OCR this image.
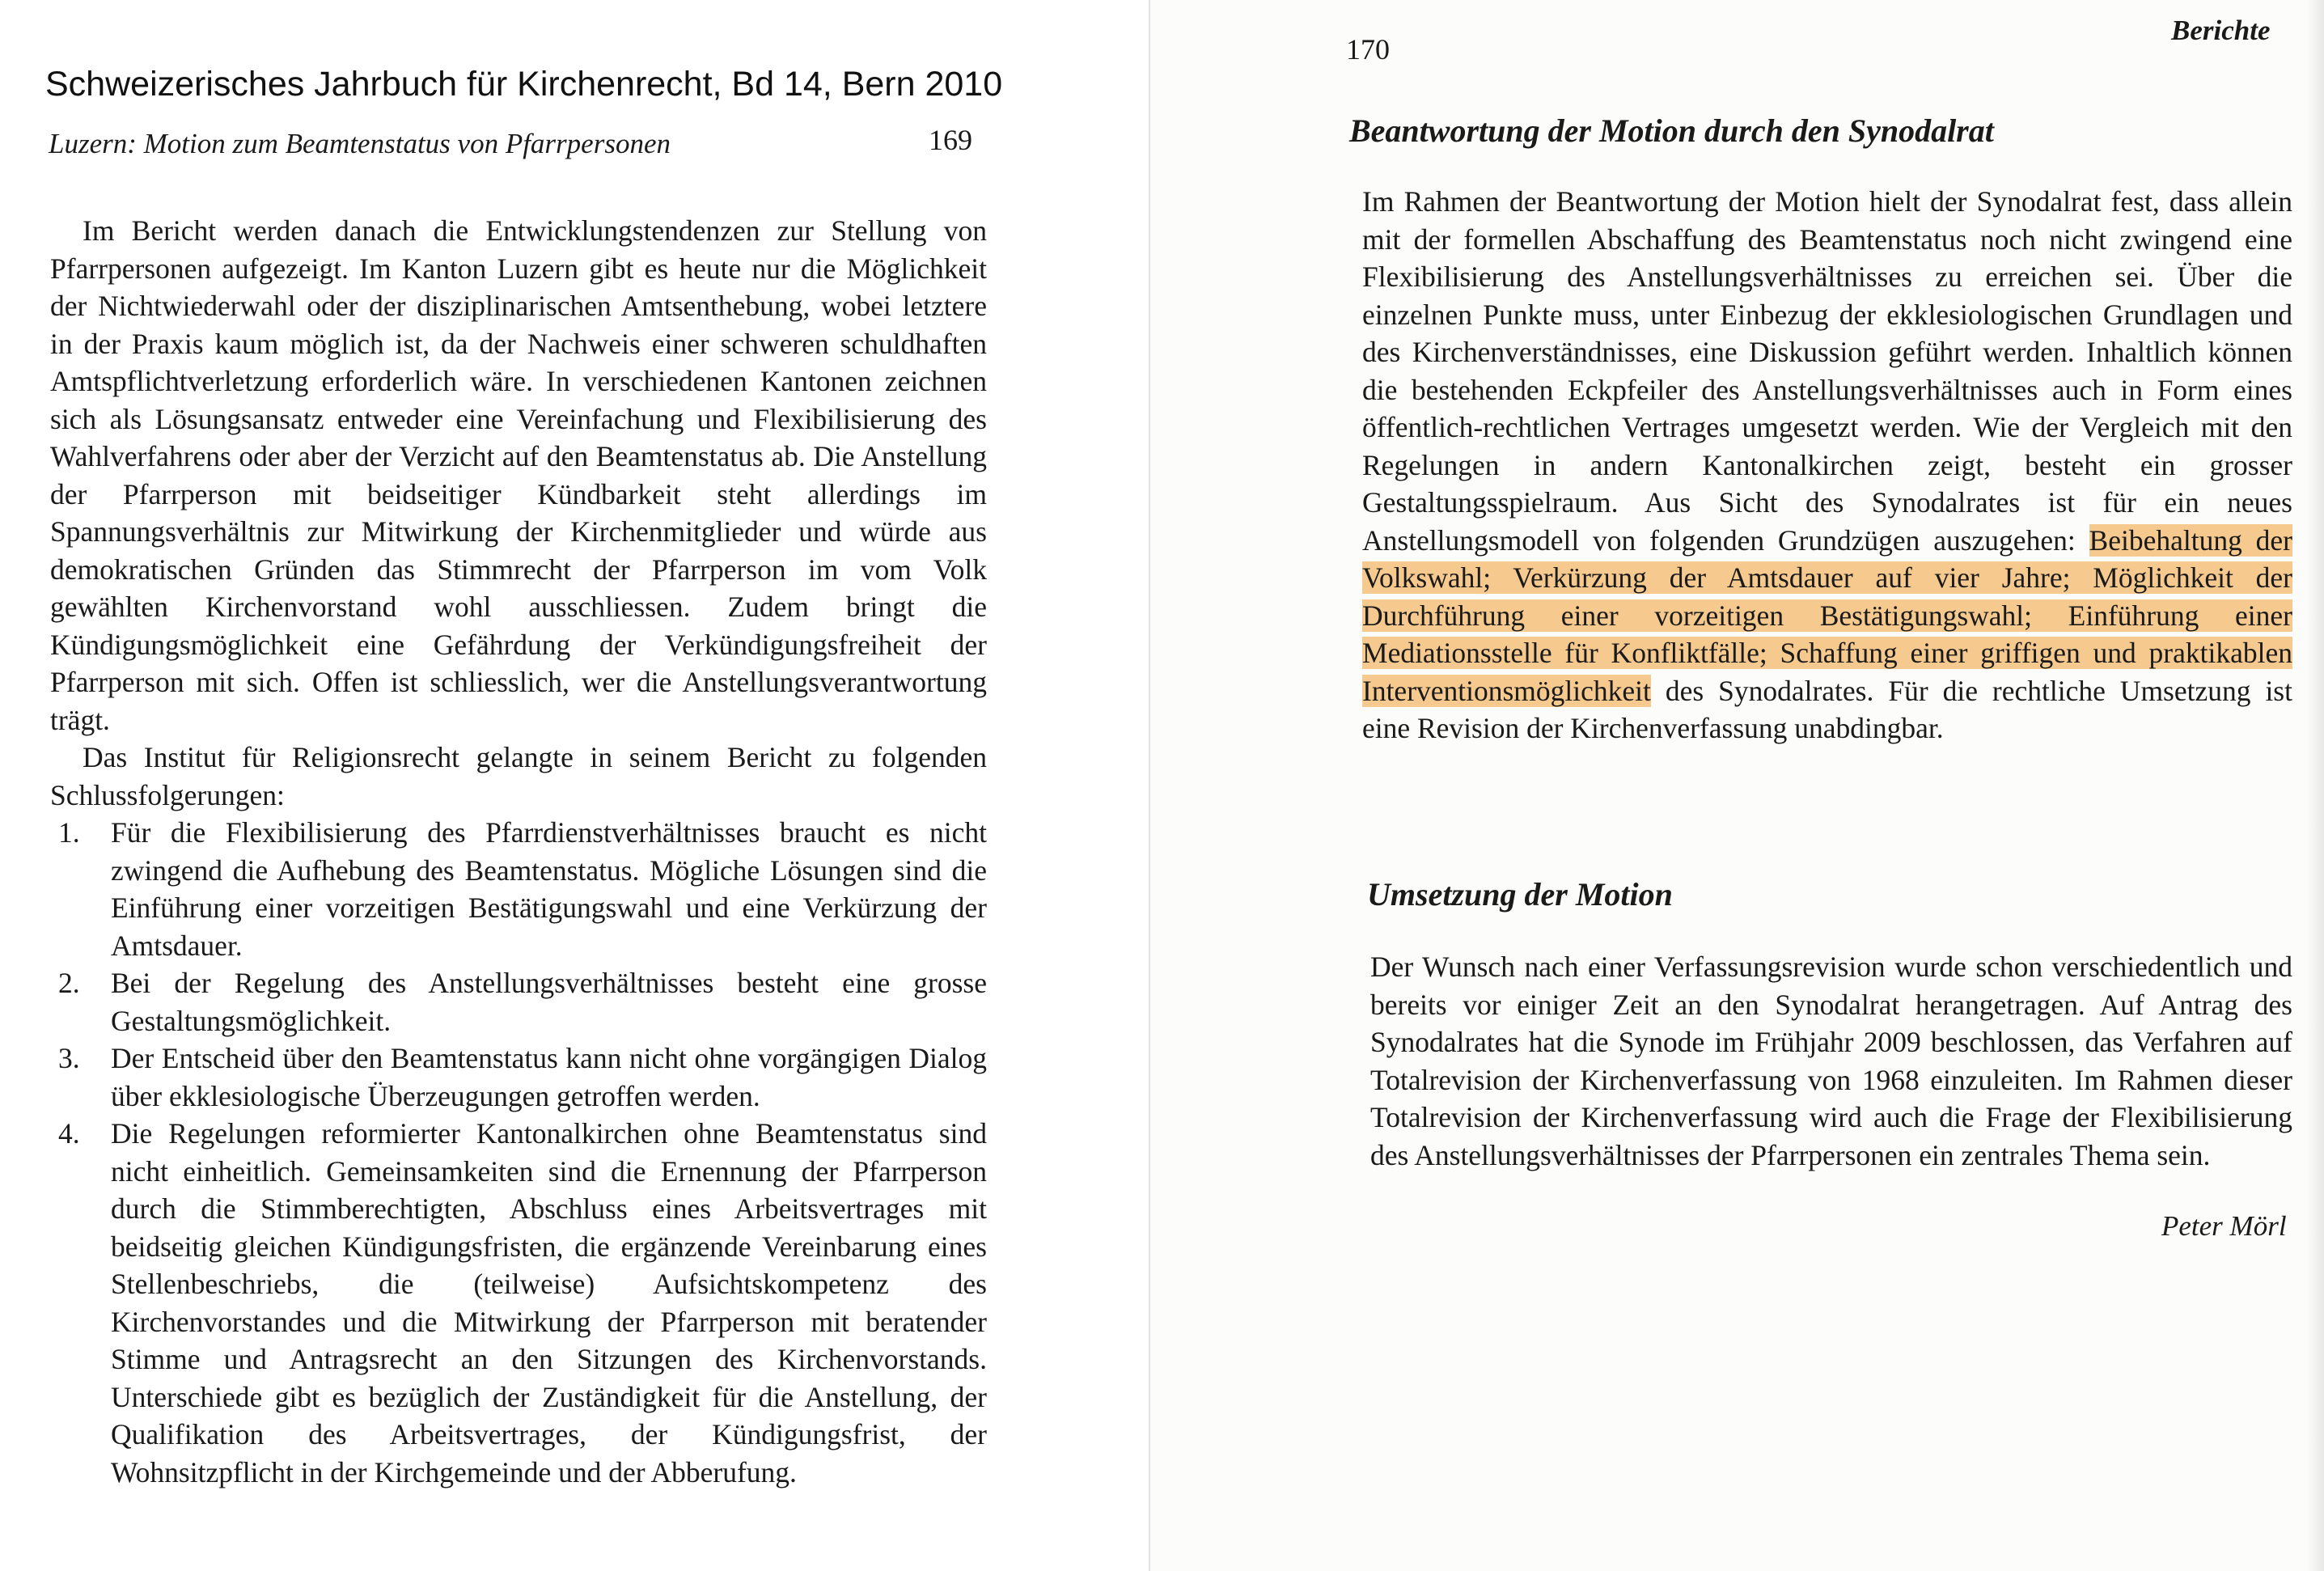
Schweizerisches Jahrbuch für Kirchenrecht, Bd 14, Bern 2010
Luzern: Motion zum Beamtenstatus von Pfarrpersonen	169

Im Bericht werden danach die Entwicklungstendenzen zur Stellung von Pfarrpersonen aufgezeigt. Im Kanton Luzern gibt es heute nur die Möglichkeit der Nichtwiederwahl oder der disziplinarischen Amtsenthebung, wobei letztere in der Praxis kaum möglich ist, da der Nachweis einer schweren schuldhaften Amtspflichtverletzung erforderlich wäre. In verschiedenen Kantonen zeichnen sich als Lösungsansatz entweder eine Vereinfachung und Flexibilisierung des Wahlverfahrens oder aber der Verzicht auf den Beamtenstatus ab. Die Anstellung der Pfarrperson mit beidseitiger Kündbarkeit steht allerdings im Spannungsverhältnis zur Mitwirkung der Kirchenmitglieder und würde aus demokratischen Gründen das Stimmrecht der Pfarrperson im vom Volk gewählten Kirchenvorstand wohl ausschliessen. Zudem bringt die Kündigungsmöglichkeit eine Gefährdung der Verkündigungsfreiheit der Pfarrperson mit sich. Offen ist schliesslich, wer die Anstellungsverantwortung trägt.

Das Institut für Religionsrecht gelangte in seinem Bericht zu folgenden Schlussfolgerungen:

1. Für die Flexibilisierung des Pfarrdienstverhältnisses braucht es nicht zwingend die Aufhebung des Beamtenstatus. Mögliche Lösungen sind die Einführung einer vorzeitigen Bestätigungswahl und eine Verkürzung der Amtsdauer.
2. Bei der Regelung des Anstellungsverhältnisses besteht eine grosse Gestaltungsmöglichkeit.
3. Der Entscheid über den Beamtenstatus kann nicht ohne vorgängigen Dialog über ekklesiologische Überzeugungen getroffen werden.
4. Die Regelungen reformierter Kantonalkirchen ohne Beamtenstatus sind nicht einheitlich. Gemeinsamkeiten sind die Ernennung der Pfarrperson durch die Stimmberechtigten, Abschluss eines Arbeitsvertrages mit beidseitig gleichen Kündigungsfristen, die ergänzende Vereinbarung eines Stellenbeschriebs, die (teilweise) Aufsichtskompetenz des Kirchenvorstandes und die Mitwirkung der Pfarrperson mit beratender Stimme und Antragsrecht an den Sitzungen des Kirchenvorstands. Unterschiede gibt es bezüglich der Zuständigkeit für die Anstellung, der Qualifikation des Arbeitsvertrages, der Kündigungsfrist, der Wohnsitzpflicht in der Kirchgemeinde und der Abberufung.
170
Berichte
Beantwortung der Motion durch den Synodalrat

Im Rahmen der Beantwortung der Motion hielt der Synodalrat fest, dass allein mit der formellen Abschaffung des Beamtenstatus noch nicht zwingend eine Flexibilisierung des Anstellungsverhältnisses zu erreichen sei. Über die einzelnen Punkte muss, unter Einbezug der ekklesiologischen Grundlagen und des Kirchenverständnisses, eine Diskussion geführt werden. Inhaltlich können die bestehenden Eckpfeiler des Anstellungsverhältnisses auch in Form eines öffentlich-rechtlichen Vertrages umgesetzt werden. Wie der Vergleich mit den Regelungen in andern Kantonalkirchen zeigt, besteht ein grosser Gestaltungsspielraum. Aus Sicht des Synodalrates ist für ein neues Anstellungsmodell von folgenden Grundzügen auszugehen: Beibehaltung der Volkswahl; Verkürzung der Amtsdauer auf vier Jahre; Möglichkeit der Durchführung einer vorzeitigen Bestätigungswahl; Einführung einer Mediationsstelle für Konfliktfälle; Schaffung einer griffigen und praktikablen Interventionsmöglichkeit des Synodalrates. Für die rechtliche Umsetzung ist eine Revision der Kirchenverfassung unabdingbar.

Umsetzung der Motion

Der Wunsch nach einer Verfassungsrevision wurde schon verschiedentlich und bereits vor einiger Zeit an den Synodalrat herangetragen. Auf Antrag des Synodalrates hat die Synode im Frühjahr 2009 beschlossen, das Verfahren auf Totalrevision der Kirchenverfassung von 1968 einzuleiten. Im Rahmen dieser Totalrevision der Kirchenverfassung wird auch die Frage der Flexibilisierung des Anstellungsverhältnisses der Pfarrpersonen ein zentrales Thema sein.

Peter Mörl
